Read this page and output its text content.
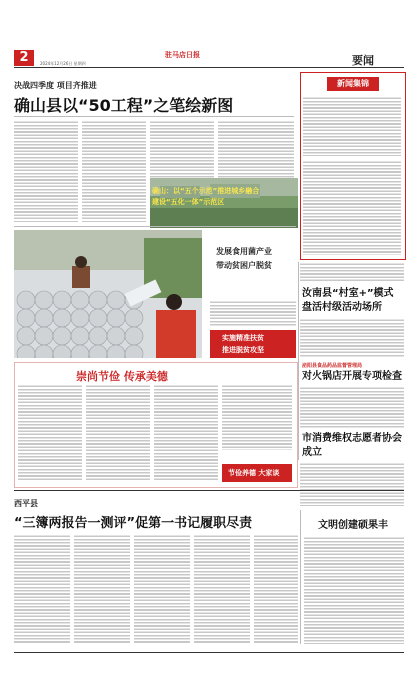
2	2024年12月26日 星期四
驻马店日报	要闻
决战四季度 项目齐推进
确山县以“50工程”之笔绘新图
新闻集锦
确山：以“五个示范”推进城乡融合
建设“五化一体”示范区
发展食用菌产业
带动贫困户脱贫
实施精准扶贫
推进脱贫攻坚
汝南县“村室+”模式
盘活村级活动场所
泌阳县食品药品监督管理局
对火锅店开展专项检查
市消费维权志愿者协会
成立
崇尚节俭 传承美德
节俭养德 大家谈
西平县
“三簿两报告一测评”促第一书记履职尽责	文明创建硕果丰
